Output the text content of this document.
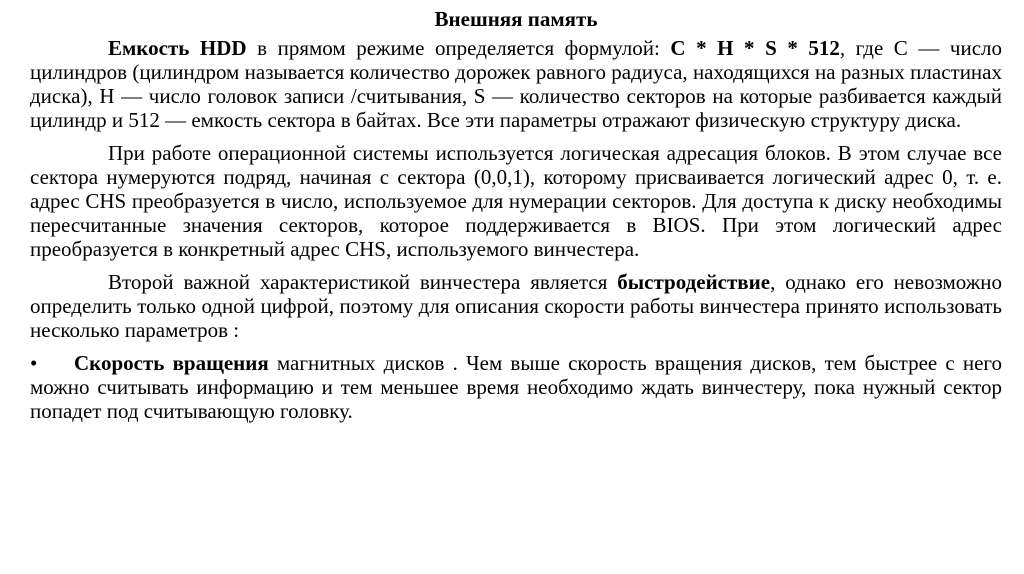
Внешняя память

Емкость HDD в прямом режиме определяется формулой: C * H * S * 512, где C — число цилиндров (цилиндром называется количество дорожек равного радиуса, находящихся на разных пластинах диска), H — число головок записи /считывания, S — количество секторов на которые разбивается каждый цилиндр и 512 — емкость сектора в байтах. Все эти параметры отражают физическую структуру диска.

При работе операционной системы используется логическая адресация блоков. В этом случае все сектора нумеруются подряд, начиная с сектора (0,0,1), которому присваивается логический адрес 0, т. е. адрес CHS преобразуется в число, используемое для нумерации секторов. Для доступа к диску необходимы пересчитанные значения секторов, которое поддерживается в BIOS. При этом логический адрес преобразуется в конкретный адрес CHS, используемого винчестера.

Второй важной характеристикой винчестера является быстродействие, однако его невозможно определить только одной цифрой, поэтому для описания скорости работы винчестера принято использовать несколько параметров :

• Скорость вращения магнитных дисков . Чем выше скорость вращения дисков, тем быстрее с него можно считывать информацию и тем меньшее время необходимо ждать винчестеру, пока нужный сектор попадет под считывающую головку.
